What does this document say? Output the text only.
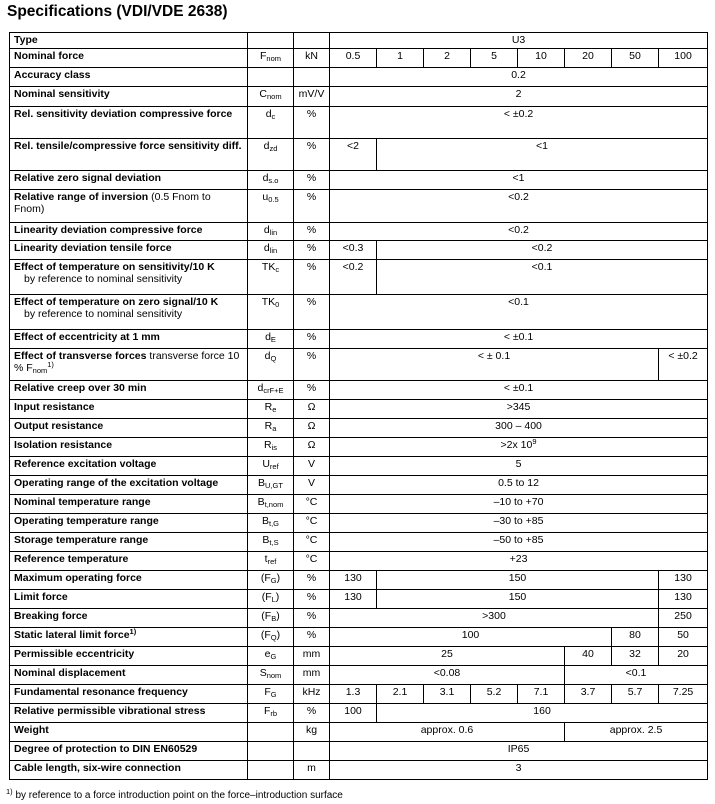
Specifications (VDI/VDE 2638)
Type			U3							
Nominal force	$F_{nom}$	kN	0.5	1	2	5	10	20	50	100
Accuracy class			0.2							
Nominal sensitivity	$C_{nom}$	mV/V	2							
Rel. sensitivity deviation compressive force	$d_c$	%	< ±0.2							
Rel. tensile/compressive force sensitivity diff.	$d_{zd}$	%	<2	<1						
Relative zero signal deviation	$d_{s.o}$	%	<1							
Relative range of inversion (0.5 Fnom to Fnom)	$u_{0.5}$	%	<0.2							
Linearity deviation compressive force	$d_{lin}$	%	<0.2							
Linearity deviation tensile force	$d_{lin}$	%	<0.3	<0.2						
Effect of temperature on sensitivity/10 K
by reference to nominal sensitivity	$TK_c$	%	<0.2	<0.1						
Effect of temperature on zero signal/10 K
by reference to nominal sensitivity	$TK_0$	%	<0.1							
Effect of eccentricity at 1 mm	$d_E$	%	< ±0.1							
Effect of transverse forces transverse force 10 % $F_{nom}^{1)}$	$d_Q$	%	< ± 0.1							< ±0.2
Relative creep over 30 min	$d_{crF+E}$	%	< ±0.1							
Input resistance	$R_e$	Ω	>345							
Output resistance	$R_a$	Ω	300 – 400							
Isolation resistance	$R_{is}$	Ω	>2x $10^9$
Reference excitation voltage	$U_{ref}$	V	5							
Operating range of the excitation voltage	$B_{U,GT}$	V	0.5 to 12							
Nominal temperature range	$B_{t,nom}$	°C	–10 to +70							
Operating temperature range	$B_{t,G}$	°C	–30 to +85							
Storage temperature range	$B_{t,S}$	°C	–50 to +85							
Reference temperature	$t_{ref}$	°C	+23							
Maximum operating force	$(F_G)$	%	130	150						130
Limit force	$(F_L)$	%	130	150						130
Breaking force	$(F_B)$	%	>300							250
Static lateral limit force$^{1)}$	$(F_Q)$	%	100						80	50
Permissible eccentricity	$e_G$	mm	25					40	32	20
Nominal displacement	$S_{nom}$	mm	<0.08					<0.1		
Fundamental resonance frequency	$F_G$	kHz	1.3	2.1	3.1	5.2	7.1	3.7	5.7	7.25
Relative permissible vibrational stress	$F_{rb}$	%	100	160						
Weight		kg	approx. 0.6					approx. 2.5		
Degree of protection to DIN EN60529			IP65							
Cable length, six-wire connection		m	3							
$^{1)}$ by reference to a force introduction point on the force–introduction surface
